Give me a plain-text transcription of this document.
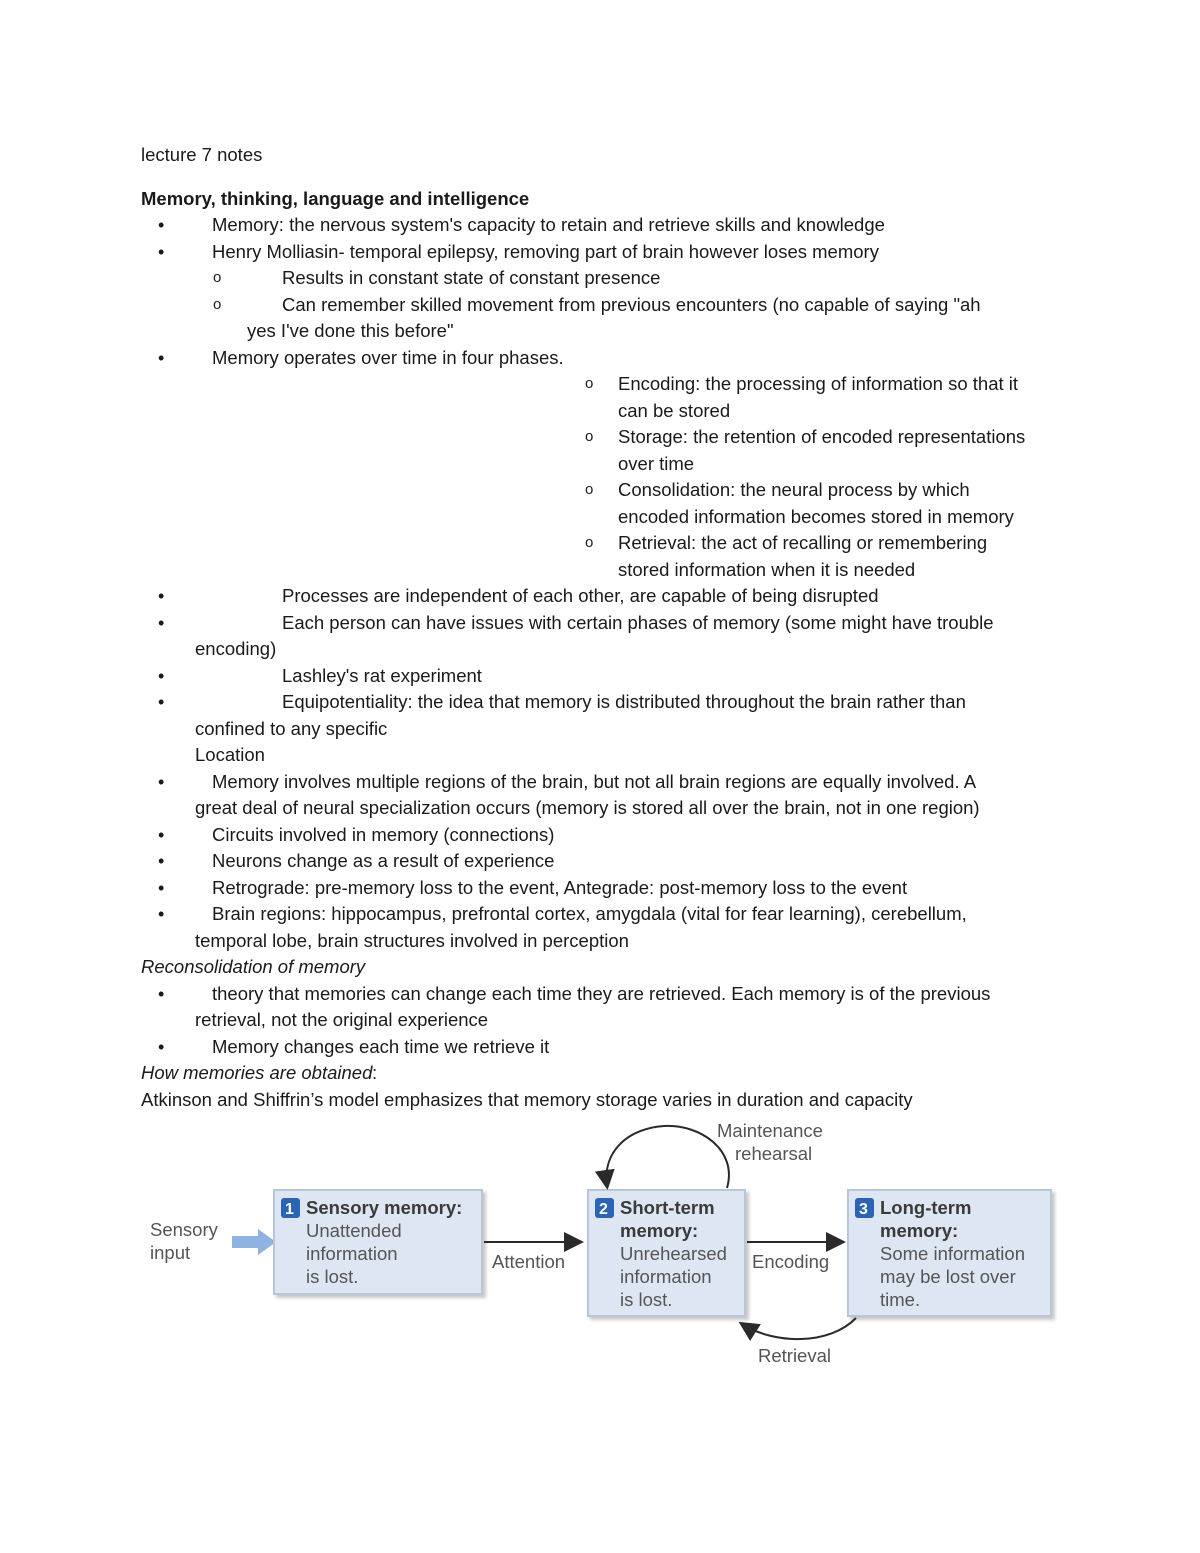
lecture 7 notes
Memory, thinking, language and intelligence
•	Memory: the nervous system's capacity to retain and retrieve skills and knowledge
•	Henry Molliasin- temporal epilepsy, removing part of brain however loses memory
o	Results in constant state of constant presence
o	Can remember skilled movement from previous encounters (no capable of saying "ah
yes I've done this before"
•	Memory operates over time in four phases.
o Encoding: the processing of information so that it
can be stored
o Storage: the retention of encoded representations
over time
o Consolidation: the neural process by which
encoded information becomes stored in memory
o Retrieval: the act of recalling or remembering
stored information when it is needed
•	Processes are independent of each other, are capable of being disrupted
•	Each person can have issues with certain phases of memory (some might have trouble
encoding)
•	Lashley's rat experiment
•	Equipotentiality: the idea that memory is distributed throughout the brain rather than
confined to any specific
Location
•	Memory involves multiple regions of the brain, but not all brain regions are equally involved. A
great deal of neural specialization occurs (memory is stored all over the brain, not in one region)
•	Circuits involved in memory (connections)
•	Neurons change as a result of experience
•	Retrograde: pre-memory loss to the event, Antegrade: post-memory loss to the event
•	Brain regions: hippocampus, prefrontal cortex, amygdala (vital for fear learning), cerebellum,
temporal lobe, brain structures involved in perception
Reconsolidation of memory
•	theory that memories can change each time they are retrieved. Each memory is of the previous
retrieval, not the original experience
•	Memory changes each time we retrieve it
How memories are obtained :
Atkinson and Shiffrin’s model emphasizes that memory storage varies in duration and capacity
Sensory
input
1 Sensory memory:
Unattended
information
is lost.
Attention
2 Short-term
memory:
Unrehearsed
information
is lost.
Maintenance
rehearsal
Encoding
3 Long-term
memory:
Some information
may be lost over
time.
Retrieval
